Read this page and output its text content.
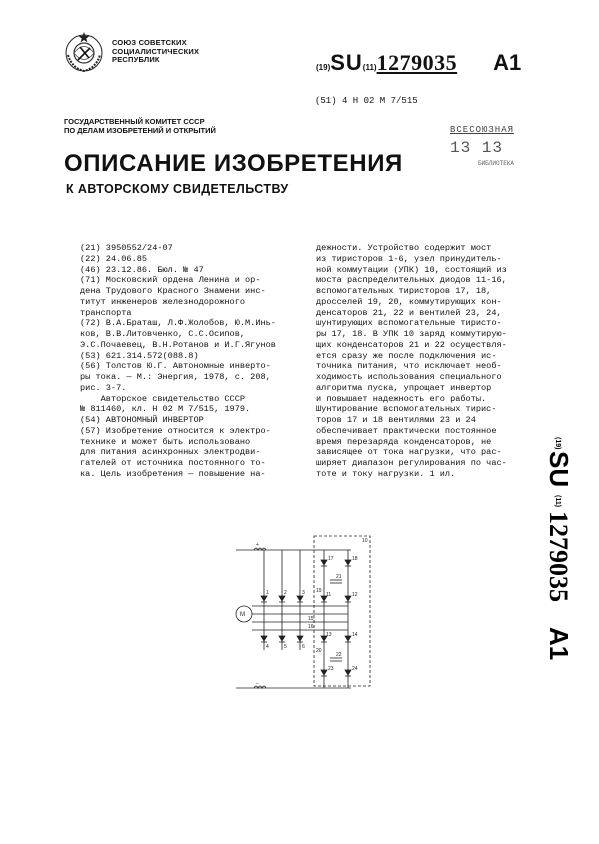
СОЮЗ СОВЕТСКИХ
СОЦИАЛИСТИЧЕСКИХ
РЕСПУБЛИК
(19)SU(11)1279035 A1
(51) 4 Н 02 М 7/515
ГОСУДАРСТВЕННЫЙ КОМИТЕТ СССР
ПО ДЕЛАМ ИЗОБРЕТЕНИЙ И ОТКРЫТИЙ	ВСЕСОЮЗНАЯ
13 13
БИБЛИОТЕКА
ОПИСАНИЕ ИЗОБРЕТЕНИЯ
К АВТОРСКОМУ СВИДЕТЕЛЬСТВУ
(21) 3950552/24-07
(22) 24.06.85
(46) 23.12.86. Бюл. № 47
(71) Московский ордена Ленина и ор-
дена Трудового Красного Знамени инс-
титут инженеров железнодорожного
транспорта
(72) В.А.Браташ, Л.Ф.Жолобов, Ю.М.Инь-
ков, В.В.Литовченко, С.С.Осипов,
Э.С.Почаевец, В.Н.Ротанов и И.Г.Ягунов
(53) 621.314.572(088.8)
(56) Толстов Ю.Г. Автономные инверто-
ры тока. — М.: Энергия, 1978, с. 208,
рис. 3-7.
Авторское свидетельство СССР
№ 811460, кл. Н 02 М 7/515, 1979.
(54) АВТОНОМНЫЙ ИНВЕРТОР
(57) Изобретение относится к электро-
технике и может быть использовано
для питания асинхронных электродви-
гателей от источника постоянного то-
ка. Цель изобретения — повышение на-
дежности. Устройство содержит мост
из тиристоров 1-6, узел принудитель-
ной коммутации (УПК) 10, состоящий из
моста распределительных диодов 11-16,
вспомогательных тиристоров 17, 18,
дросселей 19, 20, коммутирующих кон-
денсаторов 21, 22 и вентилей 23, 24,
шунтирующих вспомогательные тиристо-
ры 17, 18. В УПК 10 заряд коммутирую-
щих конденсаторов 21 и 22 осуществля-
ется сразу же после подключения ис-
точника питания, что исключает необ-
ходимость использования специального
алгоритма пуска, упрощает инвертор
и повышает надежность его работы.
Шунтирование вспомогательных тирис-
торов 17 и 18 вентилями 23 и 24
обеспечивает практически постоянное
время перезаряда конденсаторов, не
зависящее от тока нагрузки, что рас-
ширяет диапазон регулирования по час-
тоте и току нагрузки. 1 ил.
(19)
SU
(11)
1279035
A1
+
−
10
M
17	18
21
22
23	24
19
20
11	12
13	14
15
16
1	2	3
4	5	6
